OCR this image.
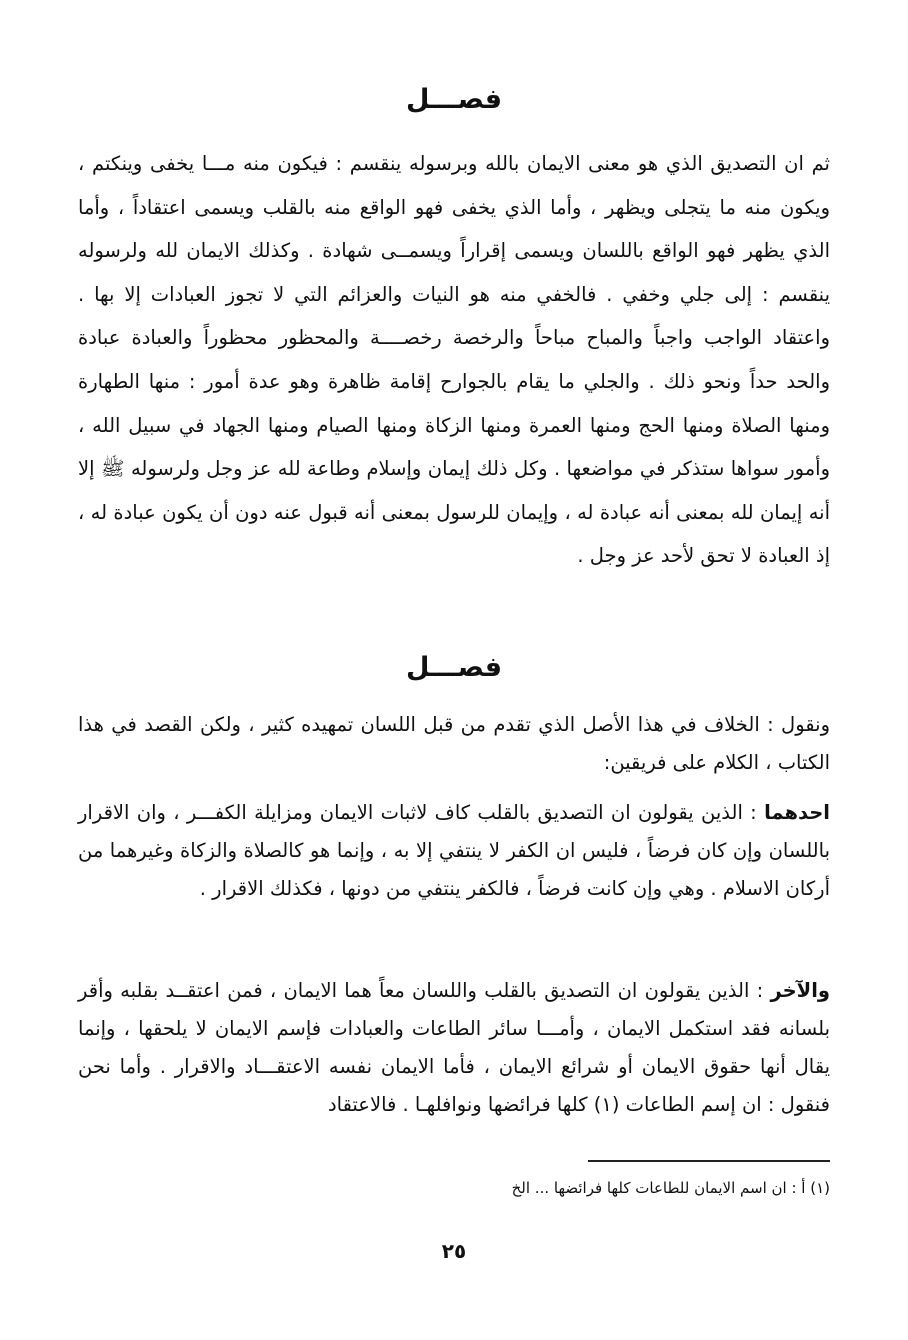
فصـــل

ثم ان التصديق الذي هو معنى الايمان بالله وبرسوله ينقسم : فيكون منه مـــا يخفى وينكتم ، ويكون منه ما يتجلى ويظهر ، وأما الذي يخفى فهو الواقع منه بالقلب ويسمى اعتقاداً ، وأما الذي يظهر فهو الواقع باللسان ويسمى إقراراً ويسمــى شهادة . وكذلك الايمان لله ولرسوله ينقسم : إلى جلي وخفي . فالخفي منه هو النيات والعزائم التي لا تجوز العبادات إلا بها . واعتقاد الواجب واجباً والمباح مباحاً والرخصة رخصــــة والمحظور محظوراً والعبادة عبادة والحد حداً ونحو ذلك . والجلي ما يقام بالجوارح إقامة ظاهرة وهو عدة أمور : منها الطهارة ومنها الصلاة ومنها الحج ومنها العمرة ومنها الزكاة ومنها الصيام ومنها الجهاد في سبيل الله ، وأمور سواها ستذكر في مواضعها . وكل ذلك إيمان وإسلام وطاعة لله عز وجل ولرسوله ﷺ إلا أنه إيمان لله بمعنى أنه عبادة له ، وإيمان للرسول بمعنى أنه قبول عنه دون أن يكون عبادة له ، إذ العبادة لا تحق لأحد عز وجل .

فصـــل

ونقول : الخلاف في هذا الأصل الذي تقدم من قبل اللسان تمهيده كثير ، ولكن القصد في هذا الكتاب ، الكلام على فريقين:

احدهما : الذين يقولون ان التصديق بالقلب كاف لاثبات الايمان ومزايلة الكفـــر ، وان الاقرار باللسان وإن كان فرضاً ، فليس ان الكفر لا ينتفي إلا به ، وإنما هو كالصلاة والزكاة وغيرهما من أركان الاسلام . وهي وإن كانت فرضاً ، فالكفر ينتفي من دونها ، فكذلك الاقرار .

والآخر : الذين يقولون ان التصديق بالقلب واللسان معاً هما الايمان ، فمن اعتقــد بقلبه وأقر بلسانه فقد استكمل الايمان ، وأمـــا سائر الطاعات والعبادات فإسم الايمان لا يلحقها ، وإنما يقال أنها حقوق الايمان أو شرائع الايمان ، فأما الايمان نفسه الاعتقـــاد والاقرار . وأما نحن فنقول : ان إسم الطاعات (١) كلها فرائضها ونوافلهـا . فالاعتقاد

(١) أ : ان اسم الايمان للطاعات كلها فرائضها ... الخ

٢٥
